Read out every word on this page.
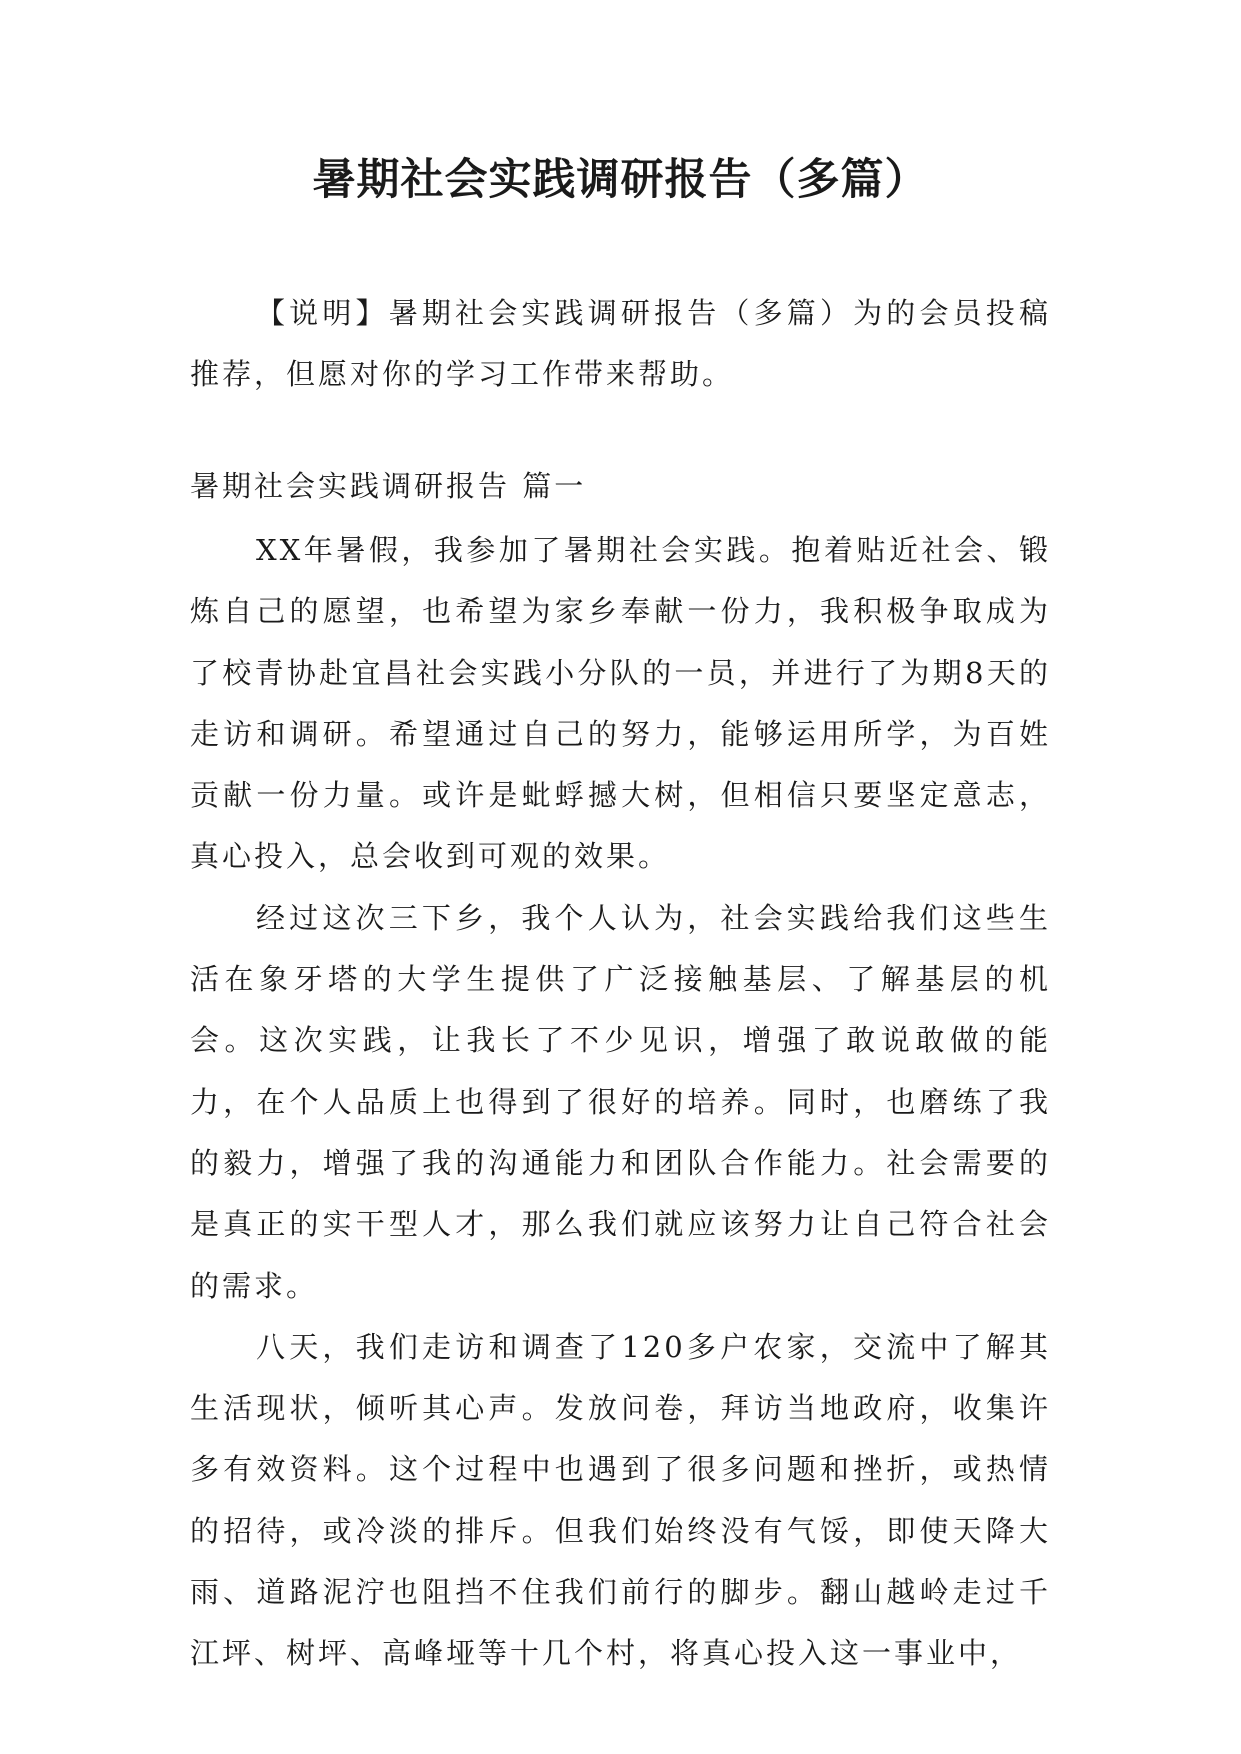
暑期社会实践调研报告（多篇）

【说明】暑期社会实践调研报告（多篇）为的会员投稿推荐，但愿对你的学习工作带来帮助。

暑期社会实践调研报告 篇一

XX年暑假，我参加了暑期社会实践。抱着贴近社会、锻炼自己的愿望，也希望为家乡奉献一份力，我积极争取成为了校青协赴宜昌社会实践小分队的一员，并进行了为期8天的走访和调研。希望通过自己的努力，能够运用所学，为百姓贡献一份力量。或许是蚍蜉撼大树，但相信只要坚定意志，真心投入，总会收到可观的效果。

经过这次三下乡，我个人认为，社会实践给我们这些生活在象牙塔的大学生提供了广泛接触基层、了解基层的机会。这次实践，让我长了不少见识，增强了敢说敢做的能力，在个人品质上也得到了很好的培养。同时，也磨练了我的毅力，增强了我的沟通能力和团队合作能力。社会需要的是真正的实干型人才，那么我们就应该努力让自己符合社会的需求。

八天，我们走访和调查了120多户农家，交流中了解其生活现状，倾听其心声。发放问卷，拜访当地政府，收集许多有效资料。这个过程中也遇到了很多问题和挫折，或热情的招待，或冷淡的排斥。但我们始终没有气馁，即使天降大雨、道路泥泞也阻挡不住我们前行的脚步。翻山越岭走过千江坪、树坪、高峰垭等十几个村，将真心投入这一事业中，
